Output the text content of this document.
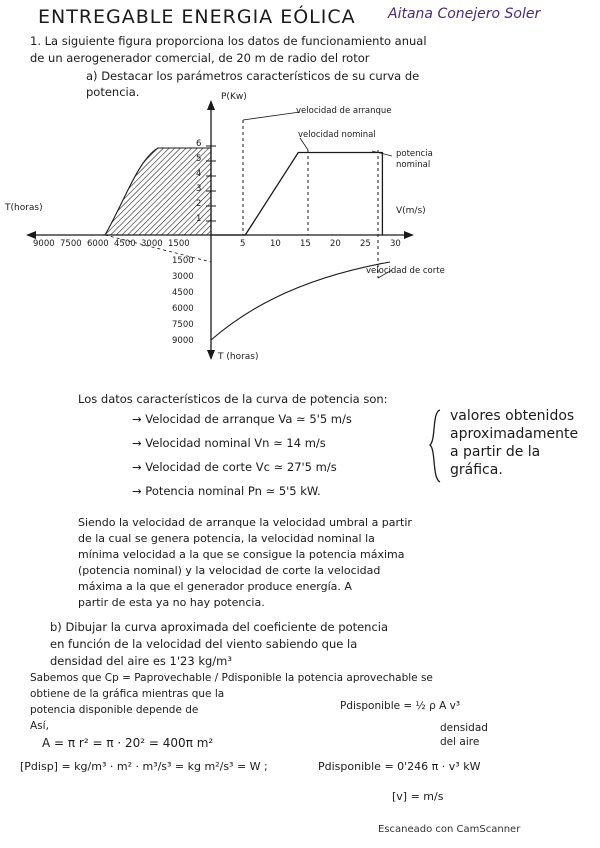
ENTREGABLE ENERGIA EÓLICA Aitana Conejero Soler
1. La siguiente figura proporciona los datos de funcionamiento anual
de un aerogenerador comercial, de 20 m de radio del rotor
a) Destacar los parámetros característicos de su curva de
potencia.	P(Kw)
V(m/s)
T(horas)
T (horas)
velocidad de arranque
velocidad nominal
potencia
nominal
velocidad de corte
1
2
3
4
5
6
5	10 15 20 25 30
9000 7500 6000 4500 3000 1500
1500
3000
4500
6000
7500
9000
Los datos característicos de la curva de potencia son:
→ Velocidad de arranque Va ≃ 5'5 m/s
→ Velocidad nominal Vn ≃ 14 m/s
→ Velocidad de corte Vc ≃ 27'5 m/s
→ Potencia nominal Pn ≃ 5'5 kW.
valores obtenidos
aproximadamente
a partir de la
gráfica.
Siendo la velocidad de arranque la velocidad umbral a partir
de la cual se genera potencia, la velocidad nominal la
mínima velocidad a la que se consigue la potencia máxima
(potencia nominal) y la velocidad de corte la velocidad
máxima a la que el generador produce energía. A
partir de esta ya no hay potencia.
b) Dibujar la curva aproximada del coeficiente de potencia
en función de la velocidad del viento sabiendo que la
densidad del aire es 1'23 kg/m³
Sabemos que Cp = Paprovechable / Pdisponible la potencia aprovechable se
obtiene de la gráfica mientras que la
potencia disponible depende de	Pdisponible = ½ ρ A v³
Así,	densidad
del aire
A = π r² = π · 20² = 400π m²
[Pdisp] = kg/m³ · m² · m³/s³ = kg m²/s³ = W ;	Pdisponible = 0'246 π · v³ kW
[v] = m/s
Escaneado con CamScanner
